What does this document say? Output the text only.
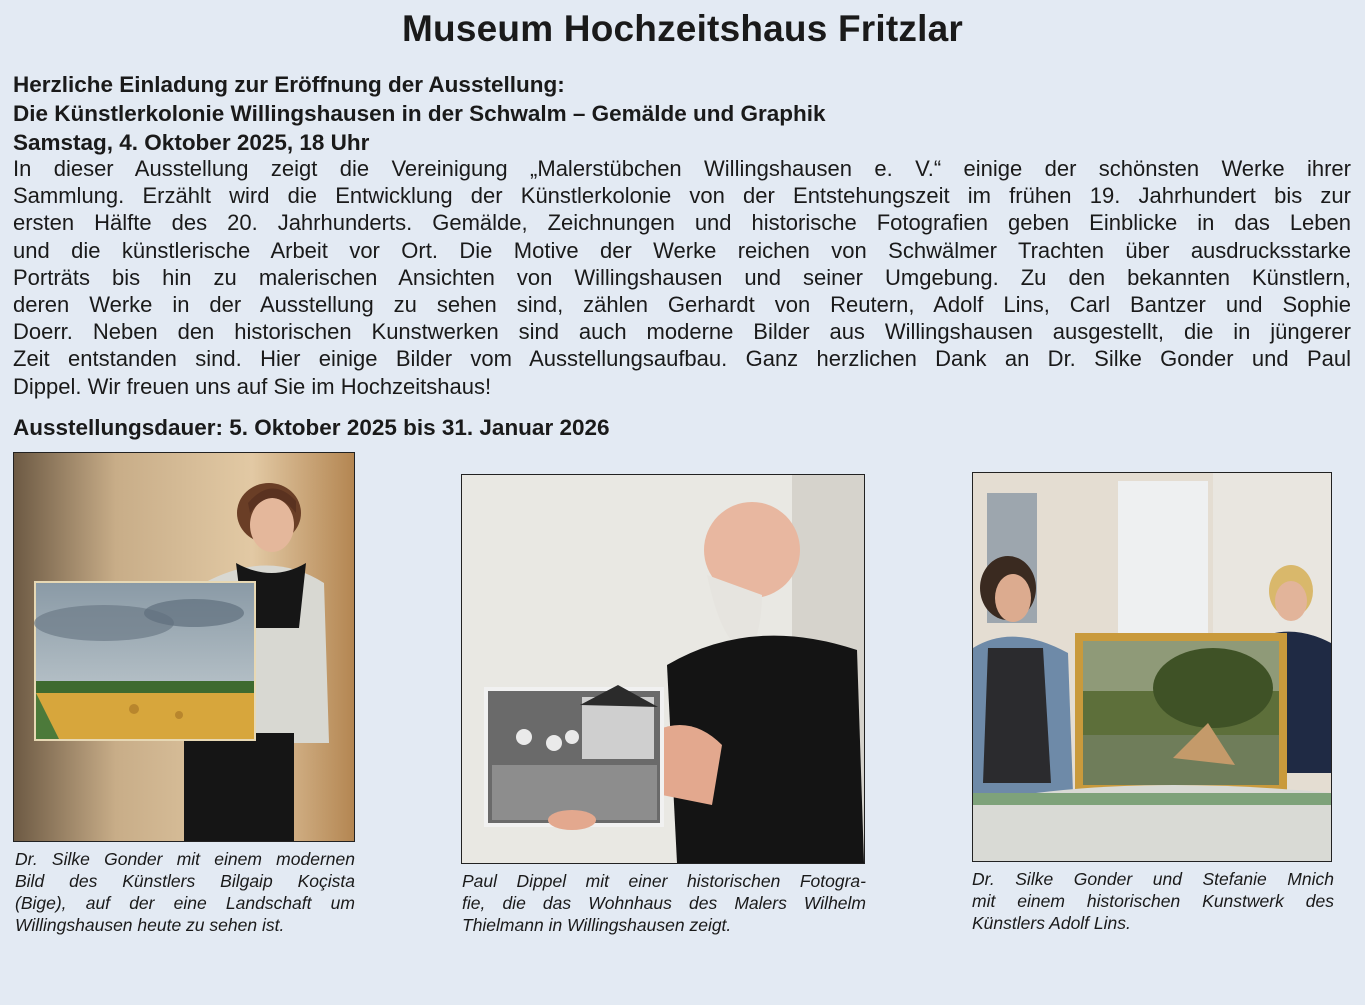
Museum Hochzeitshaus Fritzlar
Herzliche Einladung zur Eröffnung der Ausstellung:
Die Künstlerkolonie Willingshausen in der Schwalm – Gemälde und Graphik
Samstag, 4. Oktober 2025, 18 Uhr
In dieser Ausstellung zeigt die Vereinigung „Malerstübchen Willingshausen e. V.“ einige der schönsten Werke ihrer
Sammlung. Erzählt wird die Entwicklung der Künstlerkolonie von der Entstehungszeit im frühen 19. Jahrhundert bis zur
ersten Hälfte des 20. Jahrhunderts. Gemälde, Zeichnungen und historische Fotografien geben Einblicke in das Leben
und die künstlerische Arbeit vor Ort. Die Motive der Werke reichen von Schwälmer Trachten über ausdrucksstarke
Porträts bis hin zu malerischen Ansichten von Willingshausen und seiner Umgebung. Zu den bekannten Künstlern,
deren Werke in der Ausstellung zu sehen sind, zählen Gerhardt von Reutern, Adolf Lins, Carl Bantzer und Sophie
Doerr. Neben den historischen Kunstwerken sind auch moderne Bilder aus Willingshausen ausgestellt, die in jüngerer
Zeit entstanden sind. Hier einige Bilder vom Ausstellungsaufbau. Ganz herzlichen Dank an Dr. Silke Gonder und Paul
Dippel. Wir freuen uns auf Sie im Hochzeitshaus!
Ausstellungsdauer: 5. Oktober 2025 bis 31. Januar 2026
Dr. Silke Gonder mit einem modernen
Bild des Künstlers Bilgaip Koçista
(Bige), auf der eine Landschaft um
Willingshausen heute zu sehen ist.
Paul Dippel mit einer historischen Fotogra-
fie, die das Wohnhaus des Malers Wilhelm
Thielmann in Willingshausen zeigt.
Dr. Silke Gonder und Stefanie Mnich
mit einem historischen Kunstwerk des
Künstlers Adolf Lins.
